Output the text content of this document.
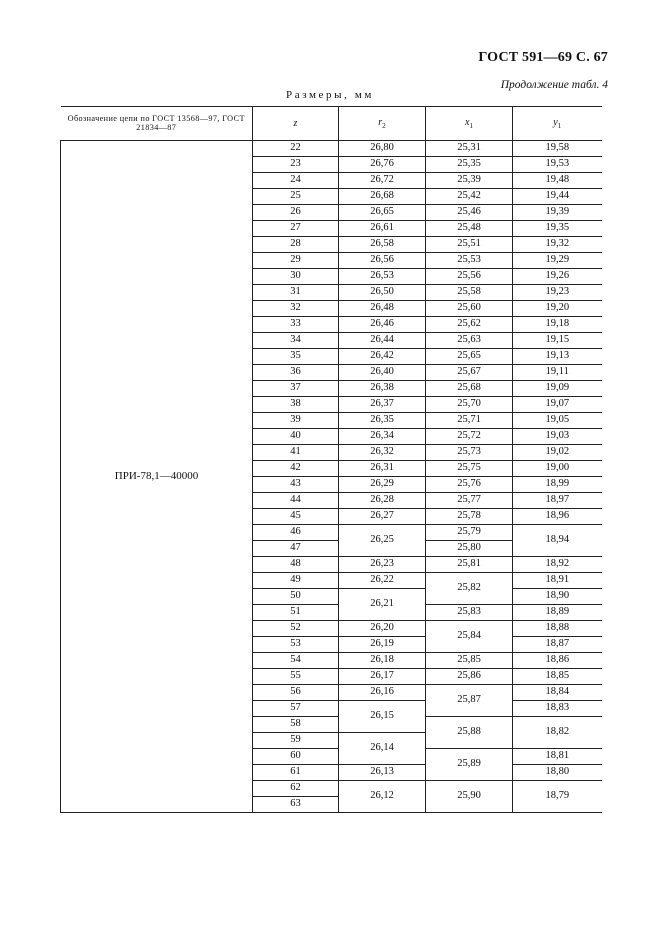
ГОСТ 591—69 С. 67
Продолжение табл. 4
Размеры, мм
Обозначение цепи по ГОСТ 13568—97, ГОСТ 21834—87	z	$r_2$	$x_1$	$y_1$
ПРИ-78,1—40000	22	26,80	25,31	19,58
	23	26,76	25,35	19,53
	24	26,72	25,39	19,48
	25	26,68	25,42	19,44
	26	26,65	25,46	19,39
	27	26,61	25,48	19,35
	28	26,58	25,51	19,32
	29	26,56	25,53	19,29
	30	26,53	25,56	19,26
	31	26,50	25,58	19,23
	32	26,48	25,60	19,20
	33	26,46	25,62	19,18
	34	26,44	25,63	19,15
	35	26,42	25,65	19,13
	36	26,40	25,67	19,11
	37	26,38	25,68	19,09
	38	26,37	25,70	19,07
	39	26,35	25,71	19,05
	40	26,34	25,72	19,03
	41	26,32	25,73	19,02
	42	26,31	25,75	19,00
	43	26,29	25,76	18,99
	44	26,28	25,77	18,97
	45	26,27	25,78	18,96
	46	26,25	25,79	18,94
	47		25,80	
	48	26,23	25,81	18,92
	49	26,22	25,82	18,91
	50	26,21		18,90
	51		25,83	18,89
	52	26,20	25,84	18,88
	53	26,19		18,87
	54	26,18	25,85	18,86
	55	26,17	25,86	18,85
	56	26,16	25,87	18,84
	57	26,15		18,83
	58		25,88	18,82
	59	26,14		
	60		25,89	18,81
	61	26,13		18,80
	62	26,12	25,90	18,79
	63			
